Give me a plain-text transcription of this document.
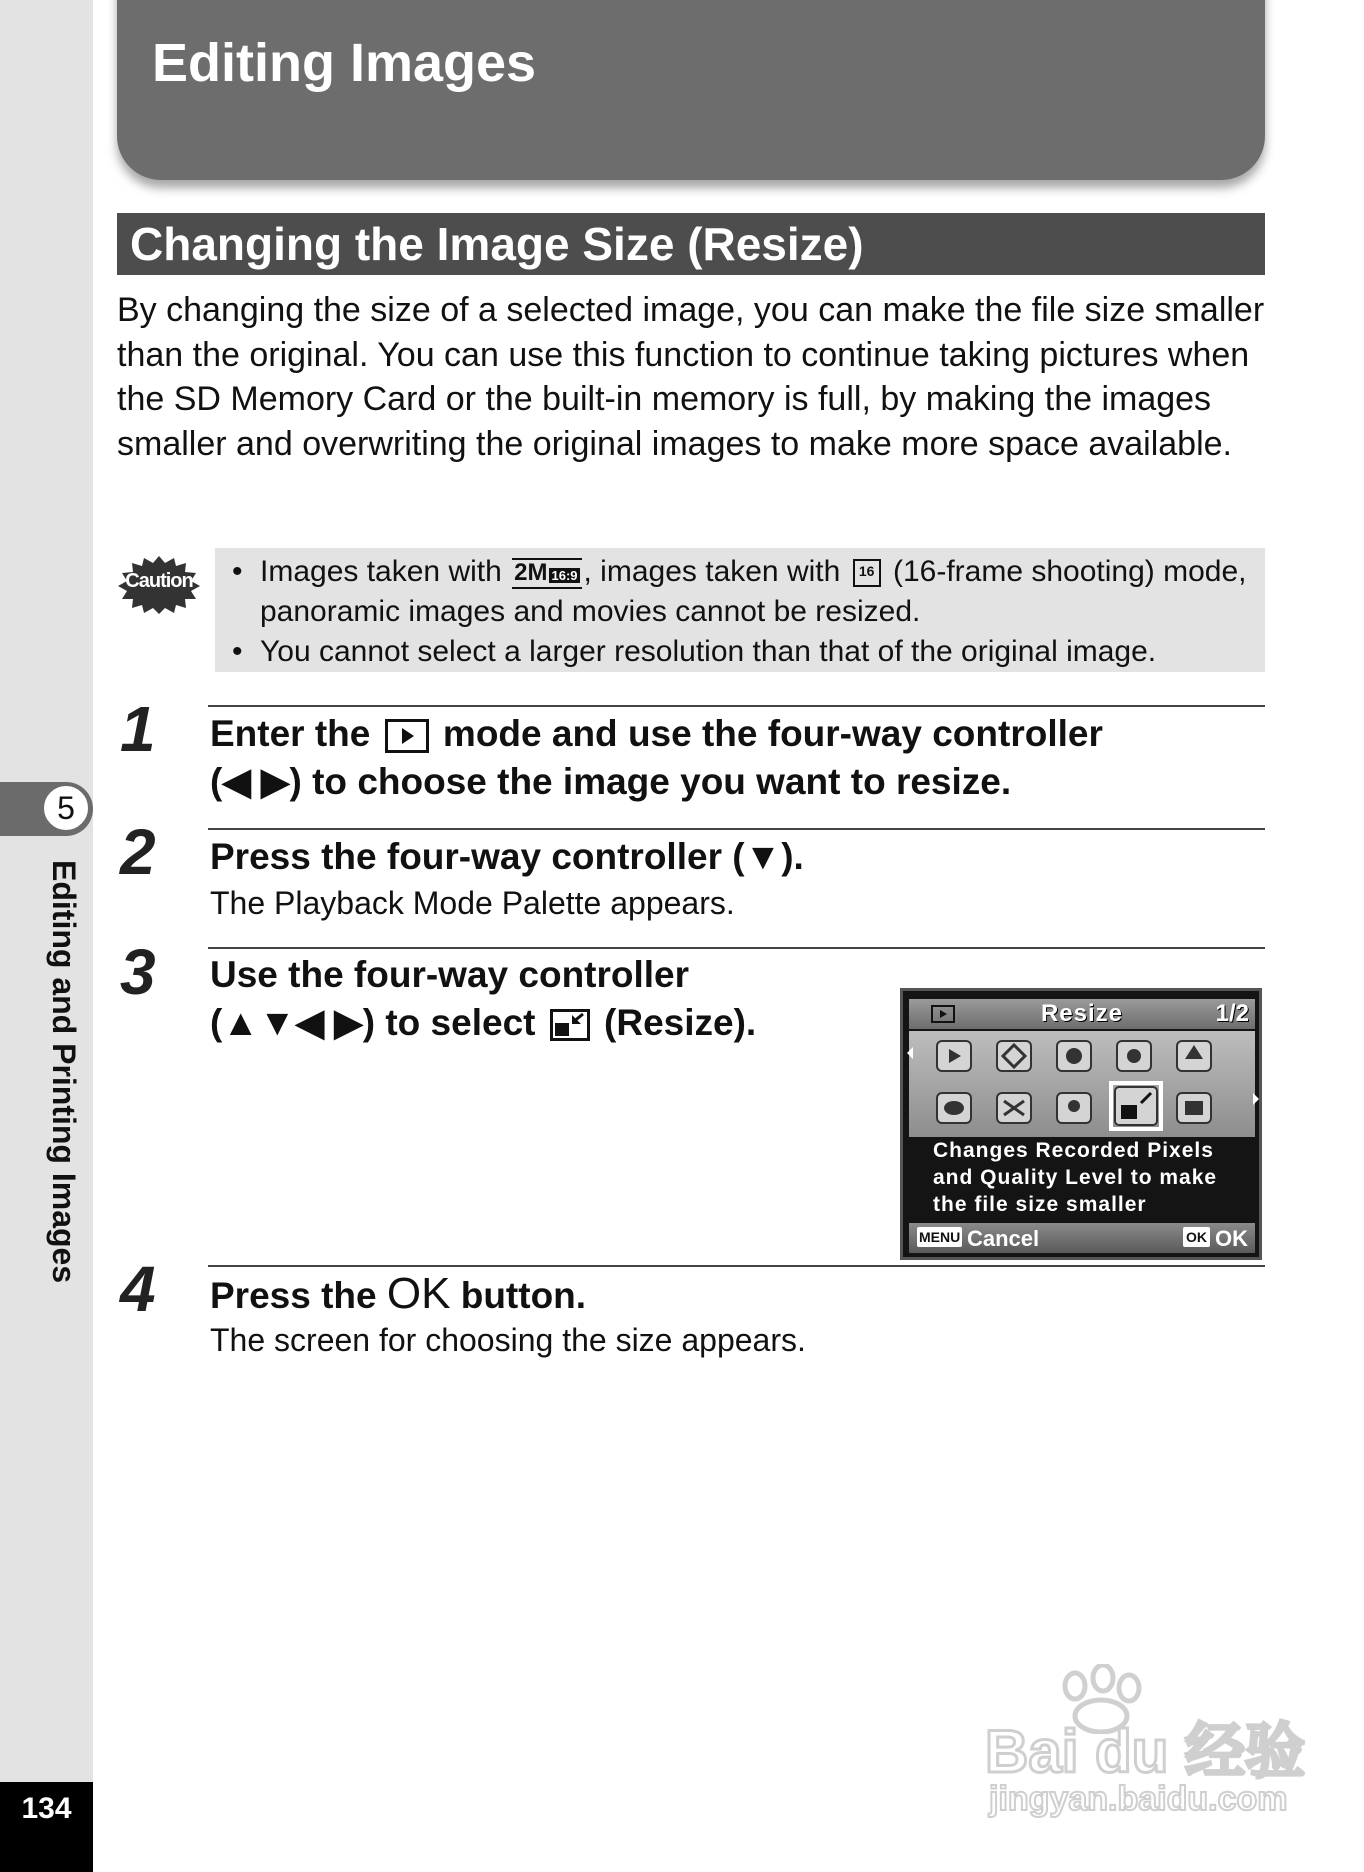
5
Editing and Printing Images
134
Editing Images
Changing the Image Size (Resize)
By changing the size of a selected image, you can make the file size smaller than the original. You can use this function to continue taking pictures when the SD Memory Card or the built-in memory is full, by making the images smaller and overwriting the original images to make more space available.
Caution • Images taken with 2M 16:9 , images taken with 16 (16-frame shooting) mode, panoramic images and movies cannot be resized.
• You cannot select a larger resolution than that of the original image.
1 Enter the mode and use the four-way controller
(◀ ▶) to choose the image you want to resize.
2 Press the four-way controller (▼).
The Playback Mode Palette appears.
3 Use the four-way controller
(▲▼◀ ▶) to select (Resize).	Resize	1/2
Changes Recorded Pixels
and Quality Level to make
the file size smaller
MENU Cancel	OK OK
4 Press the OK button.
The screen for choosing the size appears.
Bai du 经验
jingyan.baidu.com
